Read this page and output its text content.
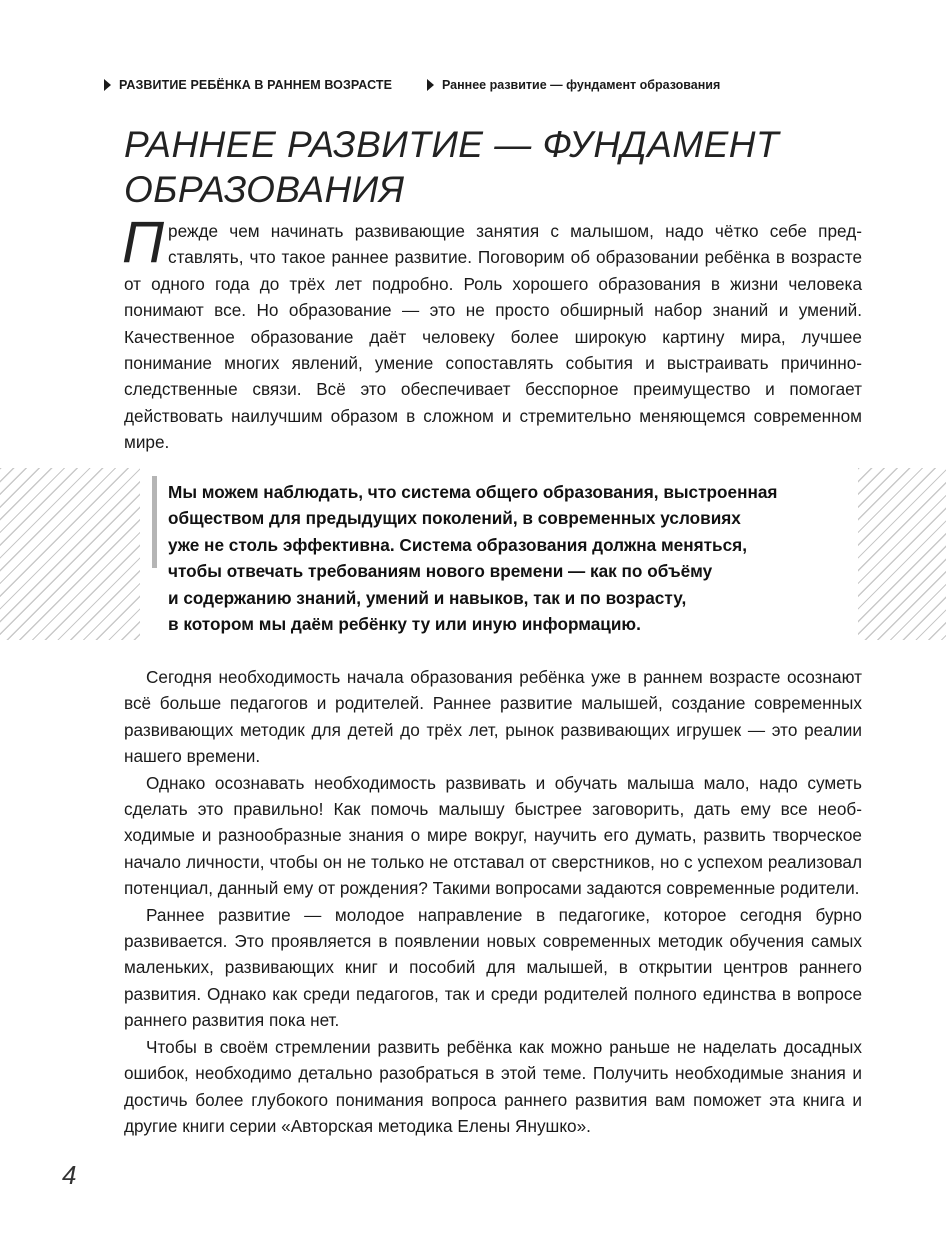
РАЗВИТИЕ РЕБЁНКА В РАННЕМ ВОЗРАСТЕ	Раннее развитие — фундамент образования
РАННЕЕ РАЗВИТИЕ — ФУНДАМЕНТ ОБРАЗОВАНИЯ

Прежде чем начинать развивающие занятия с малышом, надо чётко себе представлять, что такое раннее развитие. Поговорим об образовании ребёнка в возрасте от одного года до трёх лет подробно. Роль хорошего образования в жизни человека понимают все. Но образование — это не просто обширный набор знаний и умений. Качественное образование даёт человеку более широкую картину мира, лучшее понимание многих явлений, умение сопоставлять события и выстраивать причинно-следственные связи. Всё это обеспечивает бесспорное преимущество и помогает действовать наилучшим образом в сложном и стремительно меняющемся современном мире.

Мы можем наблюдать, что система общего образования, выстроенная
обществом для предыдущих поколений, в современных условиях
уже не столь эффективна. Система образования должна меняться,
чтобы отвечать требованиям нового времени — как по объёму
и содержанию знаний, умений и навыков, так и по возрасту,
в котором мы даём ребёнку ту или иную информацию.

Сегодня необходимость начала образования ребёнка уже в раннем возрасте осознают всё больше педагогов и родителей. Раннее развитие малышей, создание современных развивающих методик для детей до трёх лет, рынок развивающих игрушек — это реалии нашего времени.

Однако осознавать необходимость развивать и обучать малыша мало, надо суметь сделать это правильно! Как помочь малышу быстрее заговорить, дать ему все необходимые и разнообразные знания о мире вокруг, научить его думать, развить творческое начало личности, чтобы он не только не отставал от сверстников, но с успехом реализовал потенциал, данный ему от рождения? Такими вопросами задаются современные родители.

Раннее развитие — молодое направление в педагогике, которое сегодня бурно развивается. Это проявляется в появлении новых современных методик обучения самых маленьких, развивающих книг и пособий для малышей, в открытии центров раннего развития. Однако как среди педагогов, так и среди родителей полного единства в вопросе раннего развития пока нет.

Чтобы в своём стремлении развить ребёнка как можно раньше не наделать досадных ошибок, необходимо детально разобраться в этой теме. Получить необходимые знания и достичь более глубокого понимания вопроса раннего развития вам поможет эта книга и другие книги серии «Авторская методика Елены Янушко».

4
